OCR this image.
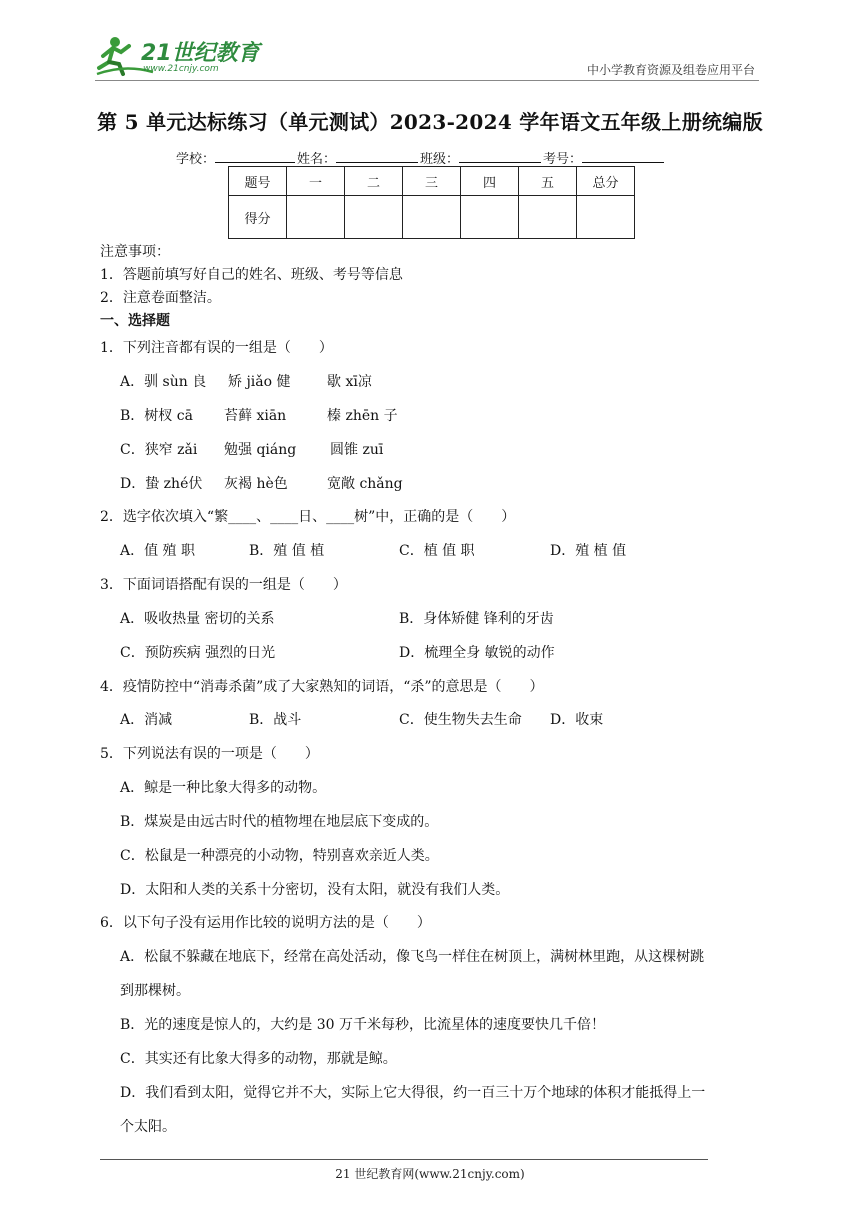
21世纪教育
www.21cnjy.com	中小学教育资源及组卷应用平台
第 5 单元达标练习（单元测试）2023-2024 学年语文五年级上册统编版
学校：	姓名：	班级：	考号：
题号	一	二	三	四	五	总分
得分						
注意事项：
1．答题前填写好自己的姓名、班级、考号等信息
2．注意卷面整洁。
一、选择题
1．下列注音都有误的一组是（　　）
A．驯 sùn 良 矫 jiǎo 健	歇 xī凉
B．树杈 cā 苔藓 xiān	榛 zhēn 子
C．狭窄 zǎi 勉强 qiáng 圆锥 zuī
D．蛰 zhé伏 灰褐 hè色	宽敞 chǎng
2．选字依次填入“繁____、____日、____树”中，正确的是（　　）
A．值 殖 职	B．殖 值 植	C．植 值 职	D．殖 植 值
3．下面词语搭配有误的一组是（　　）
A．吸收热量 密切的关系	B．身体矫健 锋利的牙齿
C．预防疾病 强烈的日光	D．梳理全身 敏锐的动作
4．疫情防控中“消毒杀菌”成了大家熟知的词语，“杀”的意思是（　　）
A．消减	B．战斗	C．使生物失去生命 D．收束
5．下列说法有误的一项是（　　）
A．鲸是一种比象大得多的动物。
B．煤炭是由远古时代的植物埋在地层底下变成的。
C．松鼠是一种漂亮的小动物，特别喜欢亲近人类。
D．太阳和人类的关系十分密切，没有太阳，就没有我们人类。
6．以下句子没有运用作比较的说明方法的是（　　）
A．松鼠不躲藏在地底下，经常在高处活动，像飞鸟一样住在树顶上，满树林里跑，从这棵树跳
到那棵树。
B．光的速度是惊人的，大约是 30 万千米每秒，比流星体的速度要快几千倍！
C．其实还有比象大得多的动物，那就是鲸。
D．我们看到太阳，觉得它并不大，实际上它大得很，约一百三十万个地球的体积才能抵得上一
个太阳。
21 世纪教育网(www.21cnjy.com)
